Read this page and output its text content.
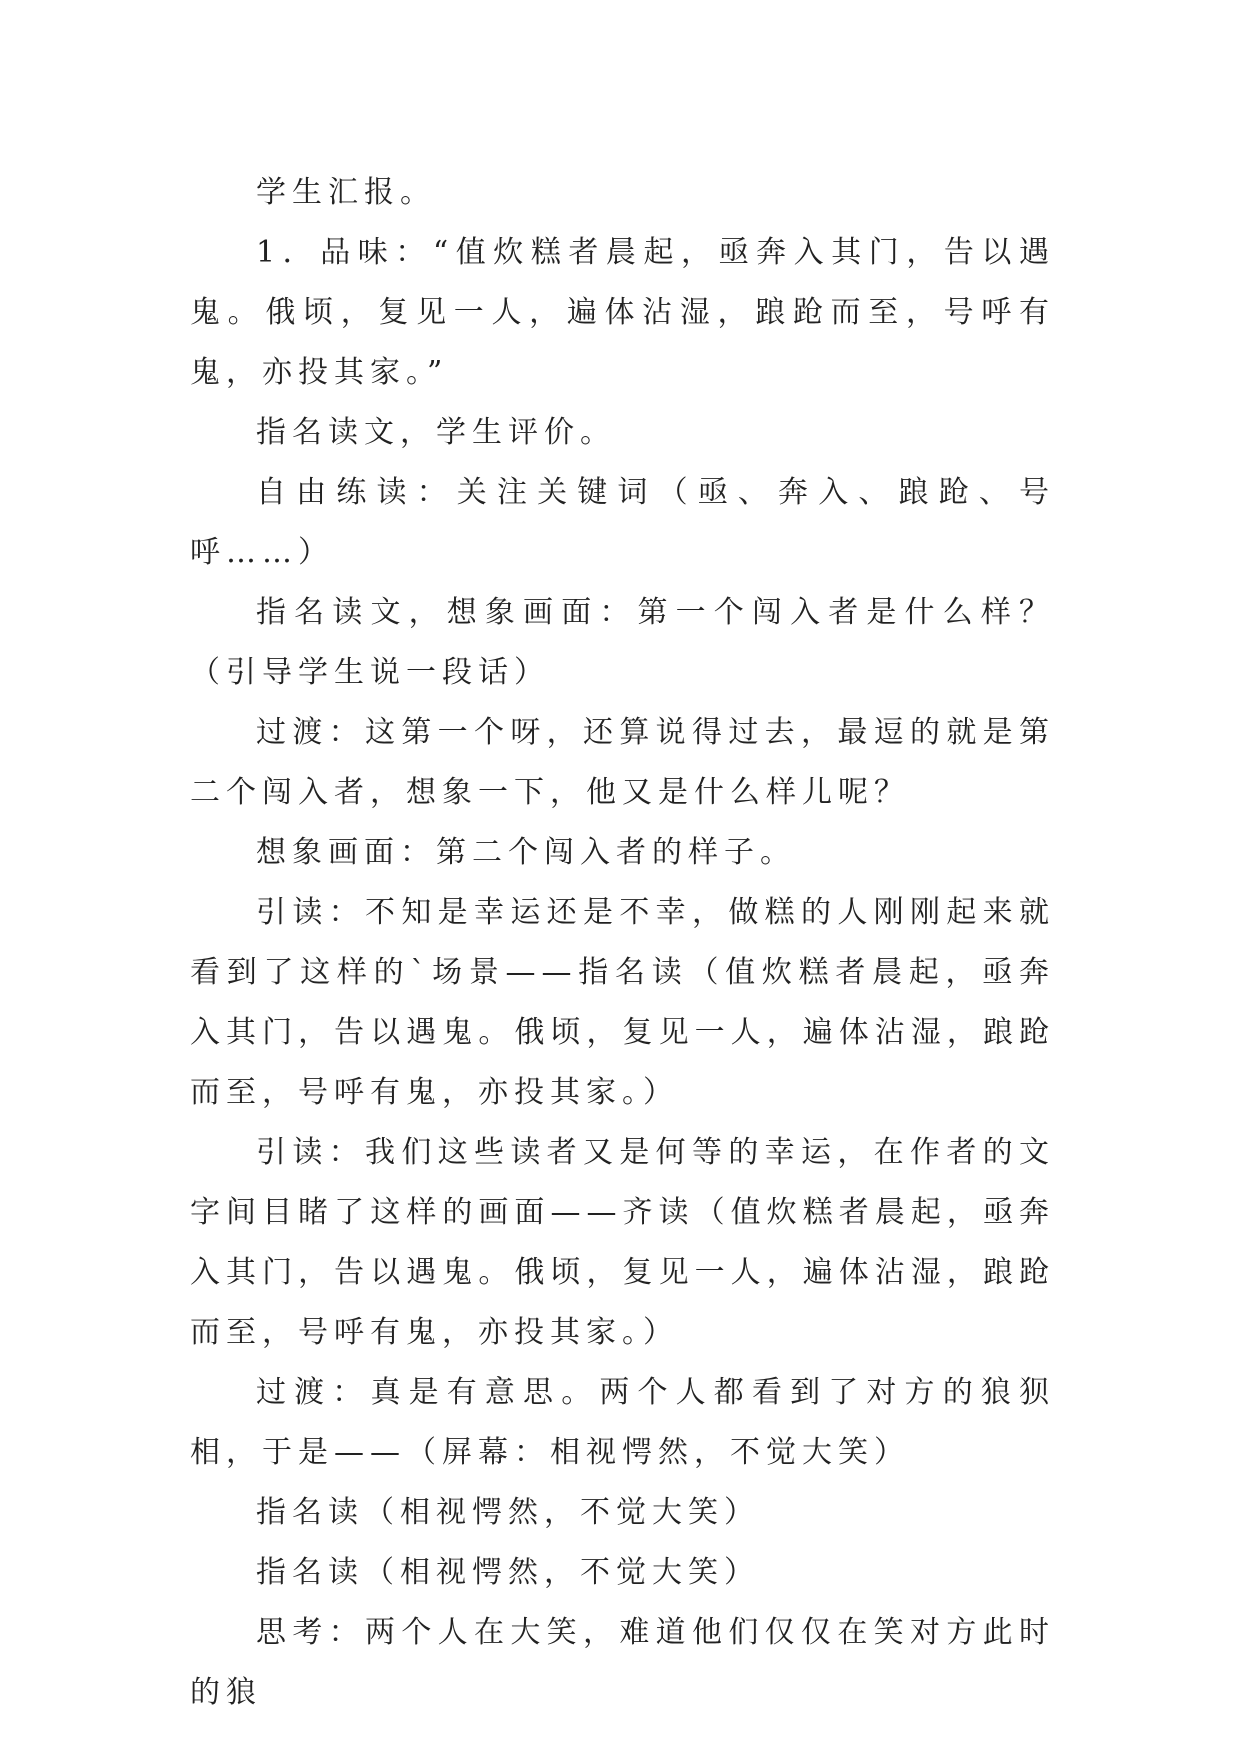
学生汇报。

1．品味：“值炊糕者晨起，亟奔入其门，告以遇鬼。俄顷，复见一人，遍体沾湿，踉跄而至，号呼有鬼，亦投其家。”

指名读文，学生评价。

自由练读：关注关键词（亟、奔入、踉跄、号呼……）

指名读文，想象画面：第一个闯入者是什么样？（引导学生说一段话）

过渡：这第一个呀，还算说得过去，最逗的就是第二个闯入者，想象一下，他又是什么样儿呢？

想象画面：第二个闯入者的样子。

引读：不知是幸运还是不幸，做糕的人刚刚起来就看到了这样的`场景——指名读（值炊糕者晨起，亟奔入其门，告以遇鬼。俄顷，复见一人，遍体沾湿，踉跄而至，号呼有鬼，亦投其家。）

引读：我们这些读者又是何等的幸运，在作者的文字间目睹了这样的画面——齐读（值炊糕者晨起，亟奔入其门，告以遇鬼。俄顷，复见一人，遍体沾湿，踉跄而至，号呼有鬼，亦投其家。）

过渡：真是有意思。两个人都看到了对方的狼狈相，于是——（屏幕：相视愕然，不觉大笑）

指名读（相视愕然，不觉大笑）

指名读（相视愕然，不觉大笑）

思考：两个人在大笑，难道他们仅仅在笑对方此时的狼
